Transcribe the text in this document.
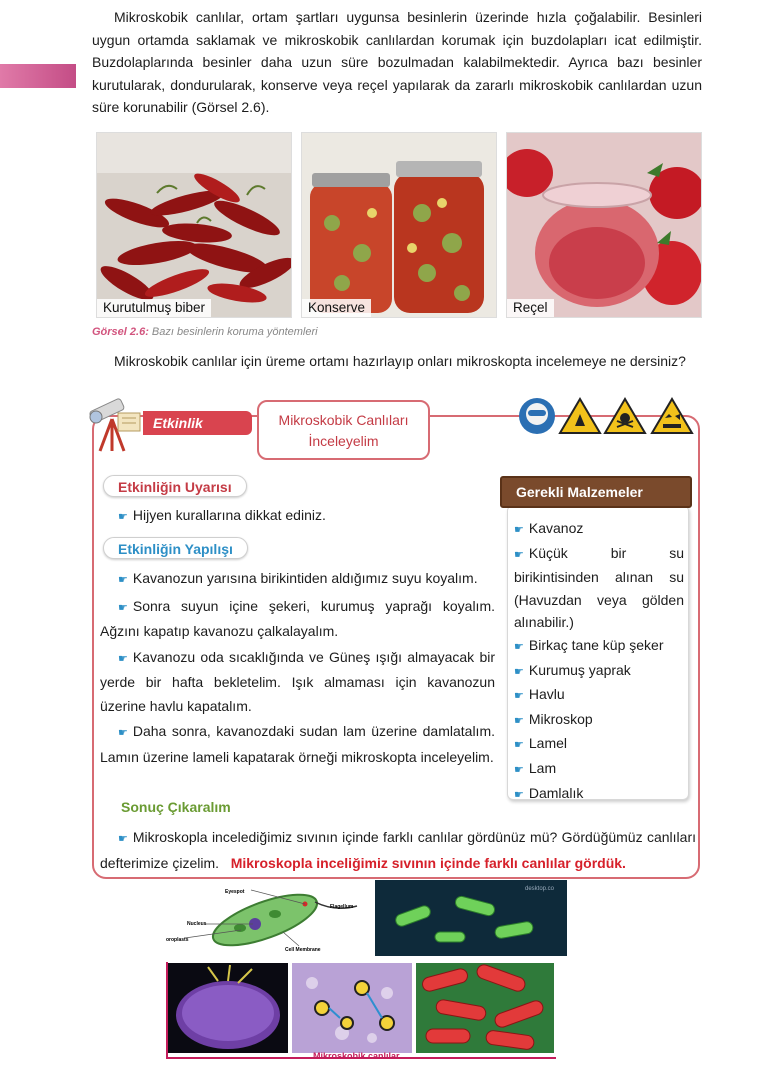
Mikroskobik canlılar, ortam şartları uygunsa besinlerin üzerinde hızla çoğalabilir. Besinleri uygun ortamda saklamak ve mikroskobik canlılardan korumak için buzdolapları icat edilmiştir. Buzdolaplarında besinler daha uzun süre bozulmadan kalabilmektedir. Ayrıca bazı besinler kurutularak, dondurularak, konserve veya reçel yapılarak da zararlı mikroskobik canlılardan uzun süre korunabilir (Görsel 2.6).
Kurutulmuş biber	Konserve	Reçel
Görsel 2.6: Bazı besinlerin koruma yöntemleri
Mikroskobik canlılar için üreme ortamı hazırlayıp onları mikroskopta incelemeye ne dersiniz?
Etkinlik	Mikroskobik Canlıları
İnceleyelim
Etkinliğin Uyarısı
☛ Hijyen kurallarına dikkat ediniz.
Etkinliğin Yapılışı
☛ Kavanozun yarısına birikintiden aldığımız suyu koyalım.
☛ Sonra suyun içine şekeri, kurumuş yaprağı koyalım. Ağzını kapatıp kavanozu çalkalayalım.
☛ Kavanozu oda sıcaklığında ve Güneş ışığı almayacak bir yerde bir hafta bekletelim. Işık almaması için kavanozun üzerine havlu kapatalım.
☛ Daha sonra, kavanozdaki sudan lam üzerine damlatalım. Lamın üzerine lameli kapatarak örneği mikroskopta inceleyelim.
Gerekli Malzemeler
☛ Kavanoz
☛ Küçük bir su birikintisinden alınan su (Havuzdan veya gölden alınabilir.)
☛ Birkaç tane küp şeker
☛ Kurumuş yaprak
☛ Havlu
☛ Mikroskop
☛ Lamel
☛ Lam
☛ Damlalık
Sonuç Çıkaralım
☛ Mikroskopla incelediğimiz sıvının içinde farklı canlılar gördünüz mü? Gördüğümüz canlıları defterimize çizelim. Mikroskopla inceliğimiz sıvının içinde farklı canlılar gördük.
Eyespot
Nucleus
oroplasts
Flagellum
Cell Membrane
desktop.co
Mikroskobik canlılar
